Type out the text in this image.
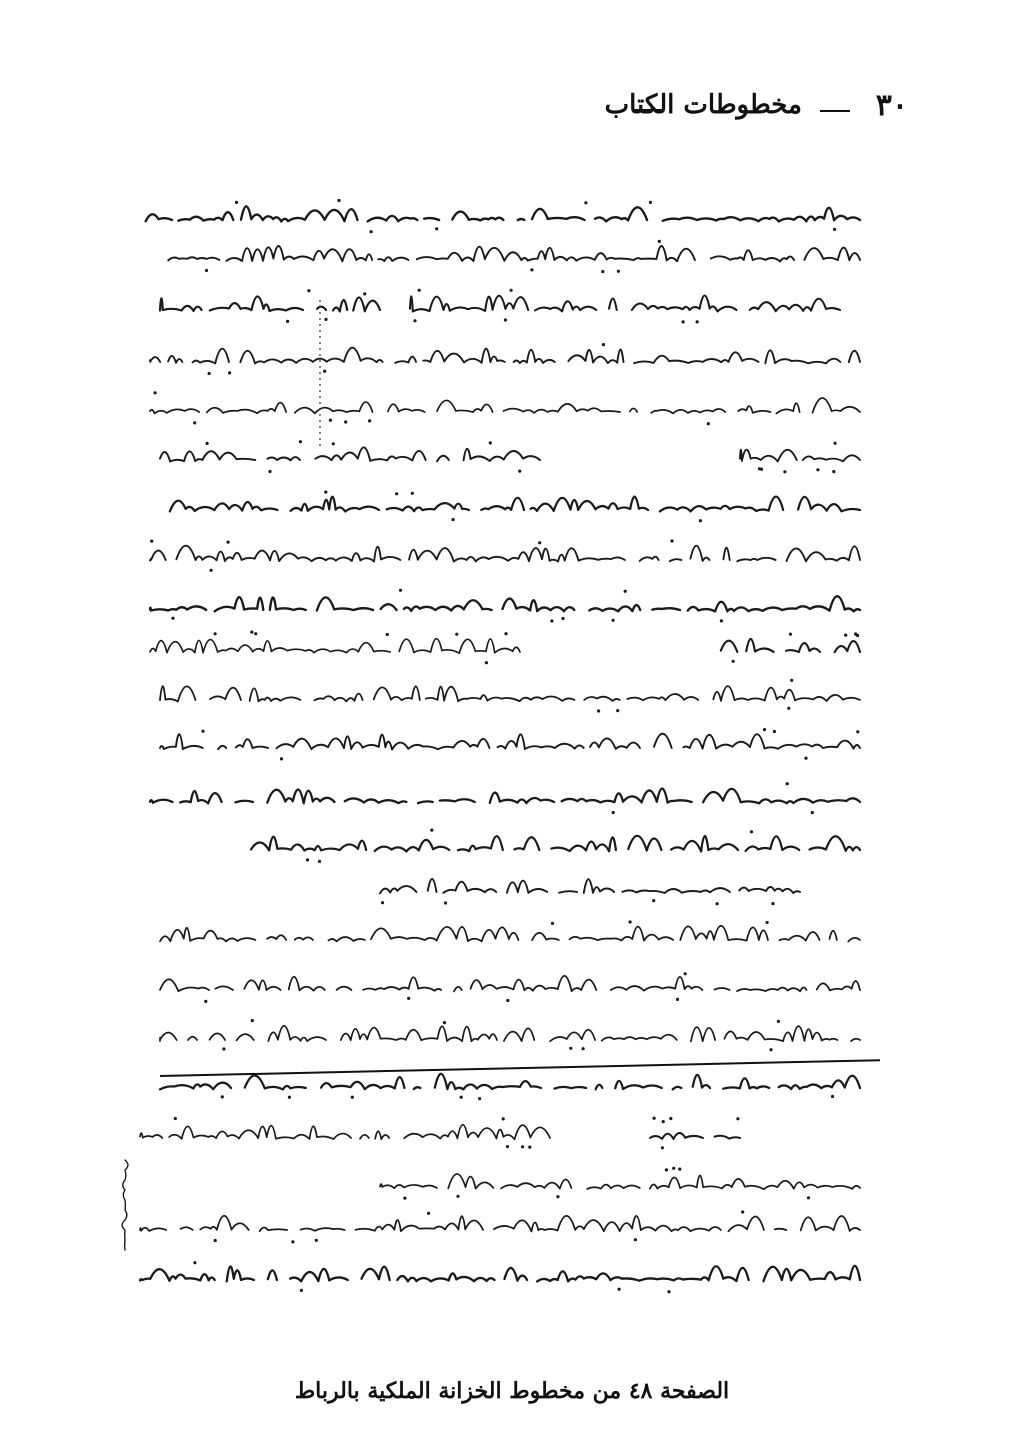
٣٠
مخطوطات الكتاب
الصفحة ٤٨ من مخطوط الخزانة الملكية بالرباط
